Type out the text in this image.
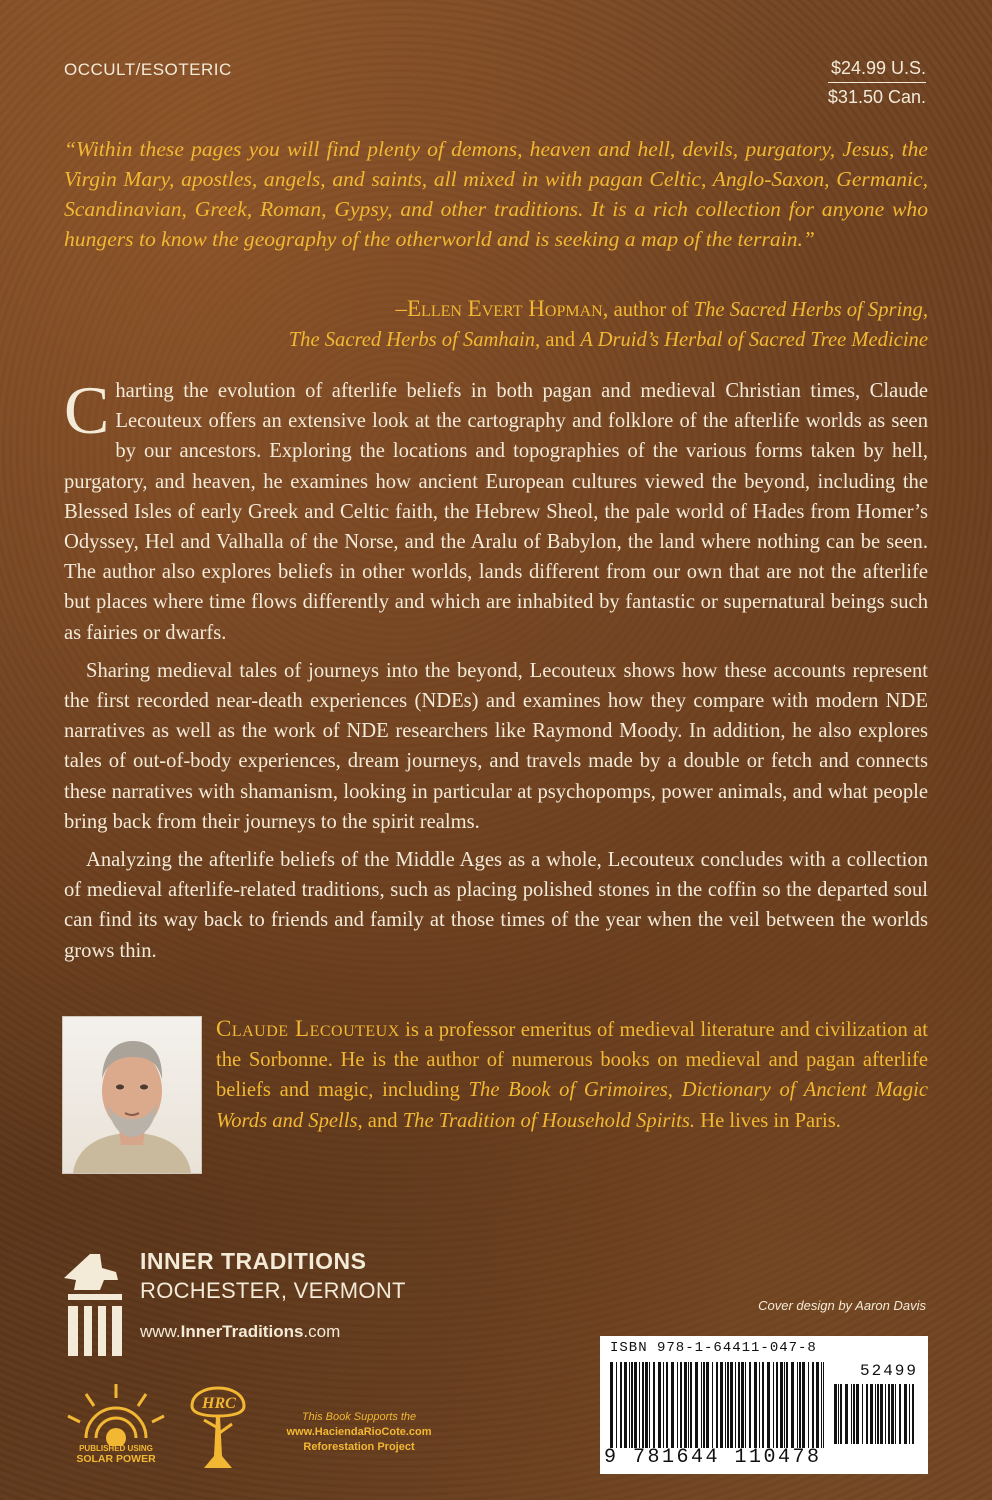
OCCULT/ESOTERIC	$24.99 U.S.
$31.50 Can.
“Within these pages you will find plenty of demons, heaven and hell, devils, purgatory, Jesus, the Virgin Mary, apostles, angels, and saints, all mixed in with pagan Celtic, Anglo-Saxon, Germanic, Scandinavian, Greek, Roman, Gypsy, and other traditions. It is a rich collection for anyone who hungers to know the geography of the otherworld and is seeking a map of the terrain.”
–Ellen Evert Hopman, author of The Sacred Herbs of Spring,
The Sacred Herbs of Samhain, and A Druid’s Herbal of Sacred Tree Medicine

Charting the evolution of afterlife beliefs in both pagan and medieval Christian times, Claude Lecouteux offers an extensive look at the cartography and folklore of the afterlife worlds as seen by our ancestors. Exploring the locations and topographies of the various forms taken by hell, purgatory, and heaven, he examines how ancient European cultures viewed the beyond, including the Blessed Isles of early Greek and Celtic faith, the Hebrew Sheol, the pale world of Hades from Homer’s Odyssey, Hel and Valhalla of the Norse, and the Aralu of Babylon, the land where nothing can be seen. The author also explores beliefs in other worlds, lands different from our own that are not the afterlife but places where time flows differently and which are inhabited by fantastic or supernatural beings such as fairies or dwarfs.

Sharing medieval tales of journeys into the beyond, Lecouteux shows how these accounts represent the first recorded near-death experiences (NDEs) and examines how they compare with modern NDE narratives as well as the work of NDE researchers like Raymond Moody. In addition, he also explores tales of out-of-body experiences, dream journeys, and travels made by a double or fetch and connects these narratives with shamanism, looking in particular at psychopomps, power animals, and what people bring back from their journeys to the spirit realms.

Analyzing the afterlife beliefs of the Middle Ages as a whole, Lecouteux concludes with a collection of medieval afterlife-related traditions, such as placing polished stones in the coffin so the departed soul can find its way back to friends and family at those times of the year when the veil between the worlds grows thin.

Claude Lecouteux is a professor emeritus of medieval literature and civilization at the Sorbonne. He is the author of numerous books on medieval and pagan afterlife beliefs and magic, including The Book of Grimoires, Dictionary of Ancient Magic Words and Spells, and The Tradition of Household Spirits. He lives in Paris.
INNER TRADITIONS
ROCHESTER, VERMONT
www.InnerTraditions.com
Cover design by Aaron Davis
PUBLISHED USING
SOLAR POWER
HRC
This Book Supports the
www.HaciendaRioCote.com
Reforestation Project
ISBN 978-1-64411-047-8
52499
9 781644 110478
